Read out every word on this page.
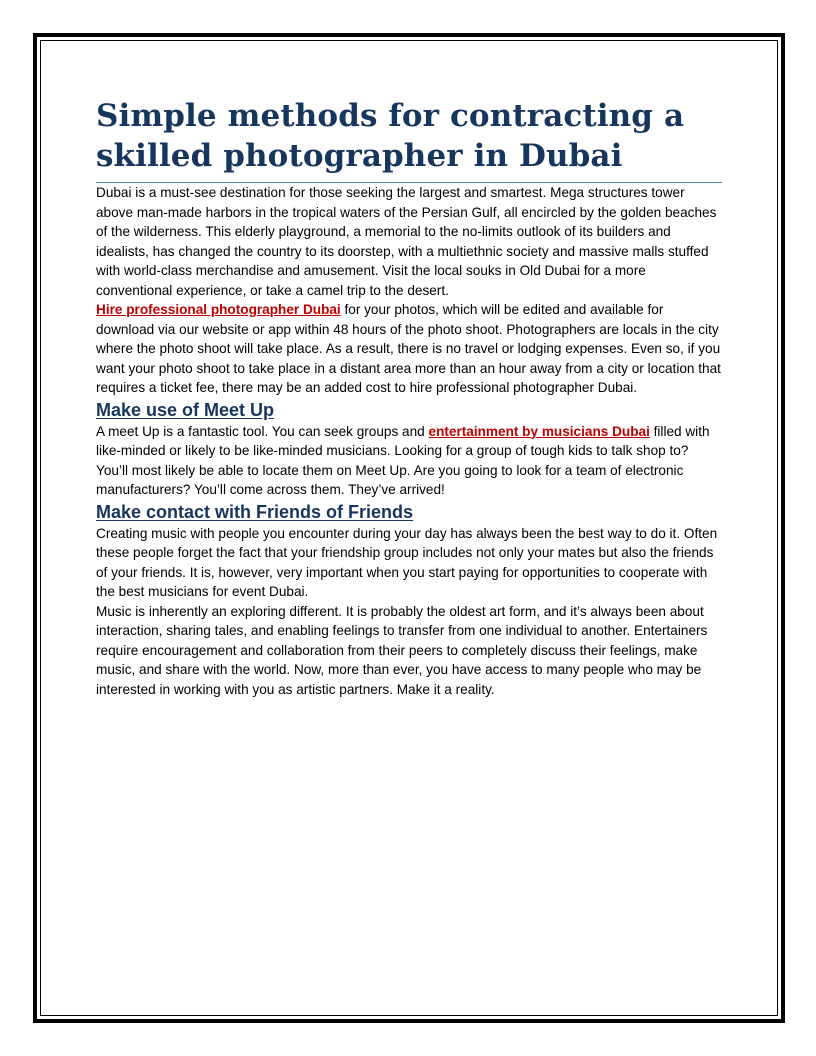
Simple methods for contracting a skilled photographer in Dubai

Dubai is a must-see destination for those seeking the largest and smartest. Mega structures tower above man-made harbors in the tropical waters of the Persian Gulf, all encircled by the golden beaches of the wilderness. This elderly playground, a memorial to the no-limits outlook of its builders and idealists, has changed the country to its doorstep, with a multiethnic society and massive malls stuffed with world-class merchandise and amusement. Visit the local souks in Old Dubai for a more conventional experience, or take a camel trip to the desert.

Hire professional photographer Dubai for your photos, which will be edited and available for download via our website or app within 48 hours of the photo shoot. Photographers are locals in the city where the photo shoot will take place. As a result, there is no travel or lodging expenses. Even so, if you want your photo shoot to take place in a distant area more than an hour away from a city or location that requires a ticket fee, there may be an added cost to hire professional photographer Dubai.

Make use of Meet Up

A meet Up is a fantastic tool. You can seek groups and entertainment by musicians Dubai filled with like-minded or likely to be like-minded musicians. Looking for a group of tough kids to talk shop to? You’ll most likely be able to locate them on Meet Up. Are you going to look for a team of electronic manufacturers? You’ll come across them. They’ve arrived!

Make contact with Friends of Friends

Creating music with people you encounter during your day has always been the best way to do it. Often these people forget the fact that your friendship group includes not only your mates but also the friends of your friends. It is, however, very important when you start paying for opportunities to cooperate with the best musicians for event Dubai.

Music is inherently an exploring different. It is probably the oldest art form, and it’s always been about interaction, sharing tales, and enabling feelings to transfer from one individual to another. Entertainers require encouragement and collaboration from their peers to completely discuss their feelings, make music, and share with the world. Now, more than ever, you have access to many people who may be interested in working with you as artistic partners. Make it a reality.
